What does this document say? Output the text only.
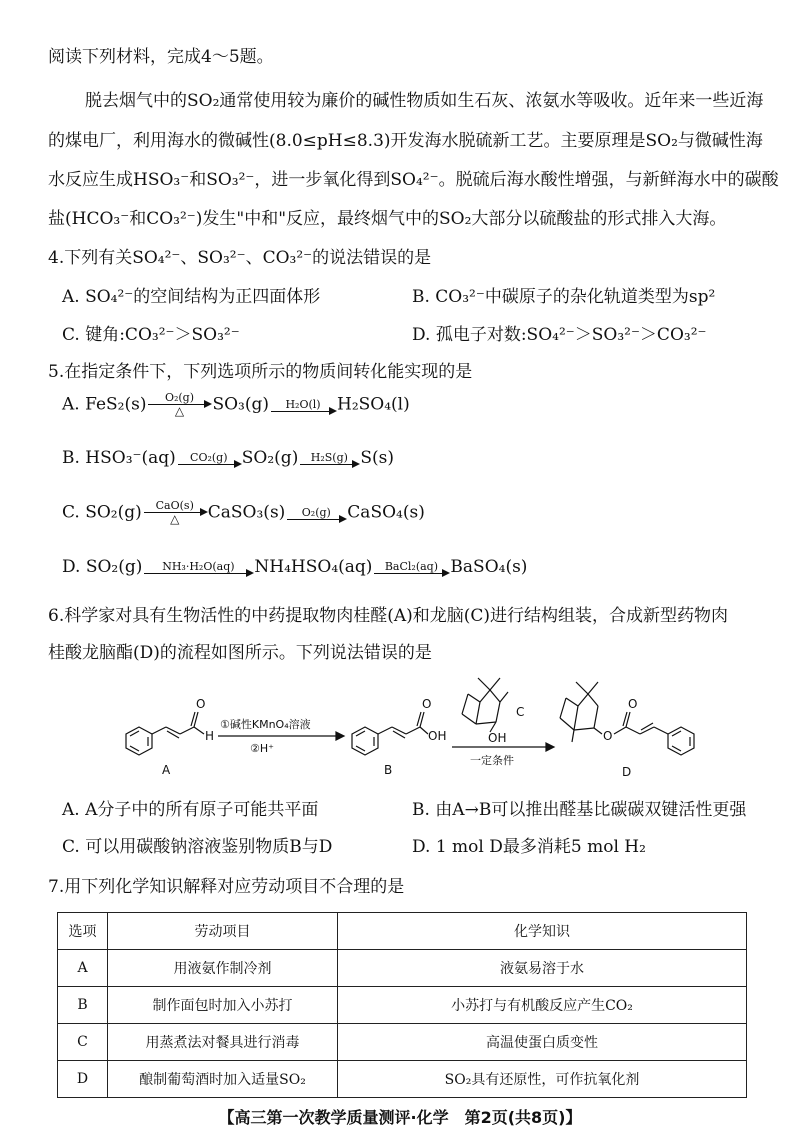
阅读下列材料，完成4～5题。
脱去烟气中的SO₂通常使用较为廉价的碱性物质如生石灰、浓氨水等吸收。近年来一些近海
的煤电厂，利用海水的微碱性(8.0≤pH≤8.3)开发海水脱硫新工艺。主要原理是SO₂与微碱性海
水反应生成HSO₃⁻和SO₃²⁻，进一步氧化得到SO₄²⁻。脱硫后海水酸性增强，与新鲜海水中的碳酸
盐(HCO₃⁻和CO₃²⁻)发生"中和"反应，最终烟气中的SO₂大部分以硫酸盐的形式排入大海。
4.下列有关SO₄²⁻、SO₃²⁻、CO₃²⁻的说法错误的是
A. SO₄²⁻的空间结构为正四面体形	B. CO₃²⁻中碳原子的杂化轨道类型为sp²
C. 键角:CO₃²⁻＞SO₃²⁻	D. 孤电子对数:SO₄²⁻＞SO₃²⁻＞CO₃²⁻
5.在指定条件下，下列选项所示的物质间转化能实现的是
A. FeS₂(s)	O₂(g)
△	SO₃(g)	H₂O(l) H₂SO₄(l)
B. HSO₃⁻(aq)	CO₂(g) SO₂(g)	H₂S(g) S(s)
C. SO₂(g)	CaO(s)
△	CaSO₃(s)	O₂(g) CaSO₄(s)
D. SO₂(g)	NH₃·H₂O(aq)	NH₄HSO₄(aq)	BaCl₂(aq) BaSO₄(s)
6.科学家对具有生物活性的中药提取物肉桂醛(A)和龙脑(C)进行结构组装，合成新型药物肉
桂酸龙脑酯(D)的流程如图所示。下列说法错误的是
O
H
A
①碱性KMnO₄溶液
②H⁺
O
OH
B
OH
C
一定条件
O
O
D
A. A分子中的所有原子可能共平面	B. 由A→B可以推出醛基比碳碳双键活性更强
C. 可以用碳酸钠溶液鉴别物质B与D	D. 1 mol D最多消耗5 mol H₂
7.用下列化学知识解释对应劳动项目不合理的是
选项	劳动项目	化学知识
A	用液氨作制冷剂	液氨易溶于水
B	制作面包时加入小苏打	小苏打与有机酸反应产生CO₂
C	用蒸煮法对餐具进行消毒	高温使蛋白质变性
D	酿制葡萄酒时加入适量SO₂	SO₂具有还原性，可作抗氧化剂
【高三第一次教学质量测评·化学　第2页(共8页)】
